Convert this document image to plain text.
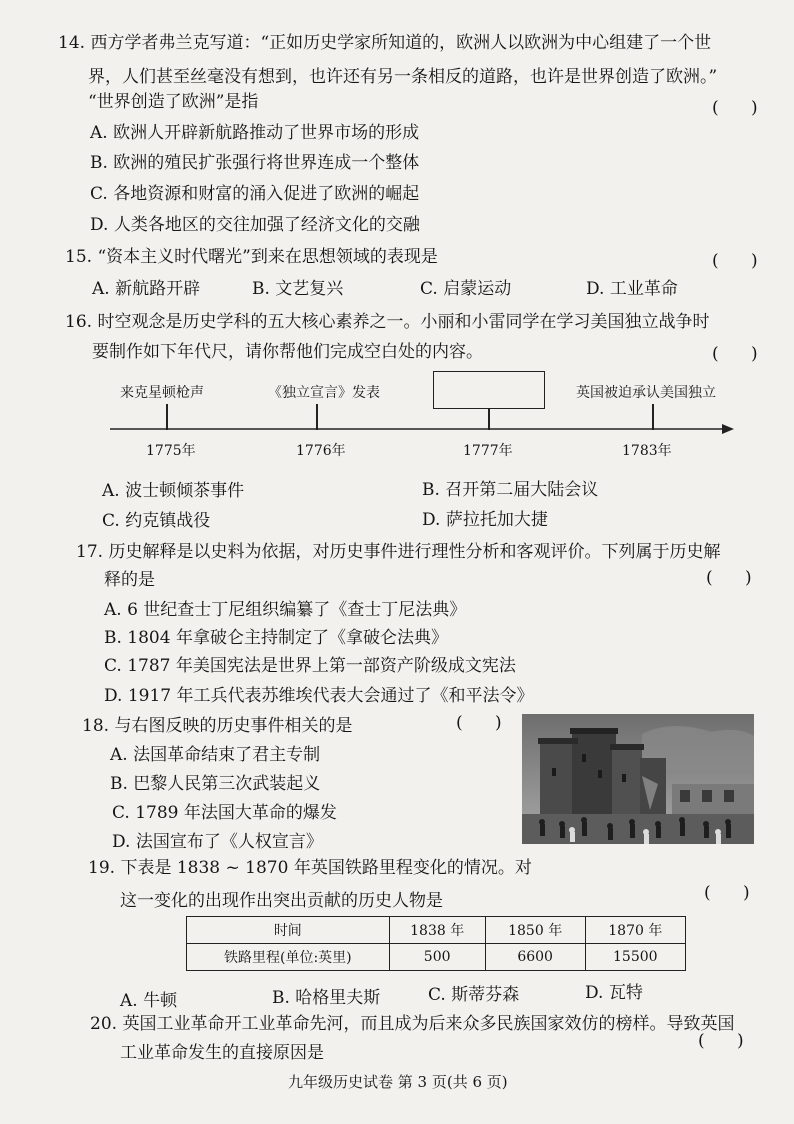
14. 西方学者弗兰克写道：“正如历史学家所知道的，欧洲人以欧洲为中心组建了一个世
界，人们甚至丝毫没有想到，也许还有另一条相反的道路，也许是世界创造了欧洲。”
“世界创造了欧洲”是指	(      )
A. 欧洲人开辟新航路推动了世界市场的形成
B. 欧洲的殖民扩张强行将世界连成一个整体
C. 各地资源和财富的涌入促进了欧洲的崛起
D. 人类各地区的交往加强了经济文化的交融
15. “资本主义时代曙光”到来在思想领域的表现是	(      )
A. 新航路开辟	B. 文艺复兴	C. 启蒙运动	D. 工业革命
16. 时空观念是历史学科的五大核心素养之一。小丽和小雷同学在学习美国独立战争时
要制作如下年代尺，请你帮他们完成空白处的内容。	(      )
来克星顿枪声	《独立宣言》发表	英国被迫承认美国独立
1775年	1776年	1777年	1783年
A. 波士顿倾茶事件	B. 召开第二届大陆会议
C. 约克镇战役	D. 萨拉托加大捷
17. 历史解释是以史料为依据，对历史事件进行理性分析和客观评价。下列属于历史解
释的是	(      )
A. 6 世纪查士丁尼组织编纂了《查士丁尼法典》
B. 1804 年拿破仑主持制定了《拿破仑法典》
C. 1787 年美国宪法是世界上第一部资产阶级成文宪法
D. 1917 年工兵代表苏维埃代表大会通过了《和平法令》
18. 与右图反映的历史事件相关的是	(      )
A. 法国革命结束了君主专制
B. 巴黎人民第三次武装起义
C. 1789 年法国大革命的爆发
D. 法国宣布了《人权宣言》
19. 下表是 1838 ~ 1870 年英国铁路里程变化的情况。对
这一变化的出现作出突出贡献的历史人物是	(      )
时间	1838 年	1850 年	1870 年
铁路里程(单位:英里)	500	6600	15500
A. 牛顿	B. 哈格里夫斯	C. 斯蒂芬森	D. 瓦特
20. 英国工业革命开工业革命先河，而且成为后来众多民族国家效仿的榜样。导致英国
工业革命发生的直接原因是
(      )
九年级历史试卷 第 3 页(共 6 页)
